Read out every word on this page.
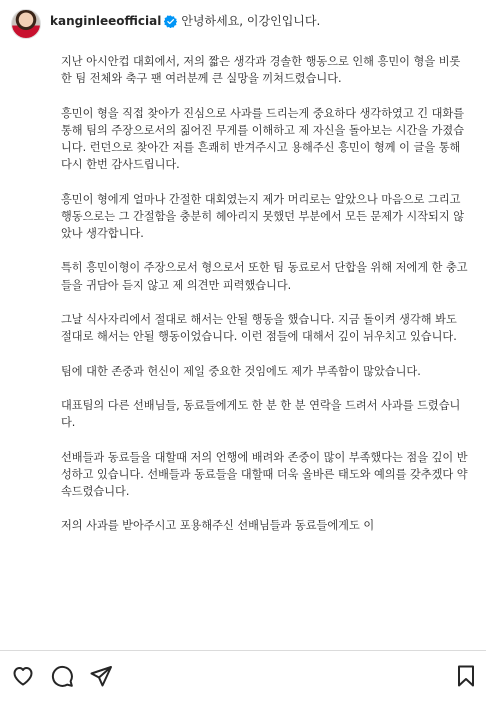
kanginleeofficial 안녕하세요, 이강인입니다.

지난 아시안컵 대회에서, 저의 짧은 생각과 경솔한 행동으로 인해 흥민이 형을 비롯한 팀 전체와 축구 팬 여러분께 큰 실망을 끼쳐드렸습니다.

흥민이 형을 직접 찾아가 진심으로 사과를 드리는게 중요하다 생각하였고 긴 대화를 통해 팀의 주장으로서의 짊어진 무게를 이해하고 제 자신을 돌아보는 시간을 가졌습니다. 런던으로 찾아간 저를 흔쾌히 반겨주시고 용해주신 흥민이 형께 이 글을 통해 다시 한번 감사드립니다.

흥민이 형에게 얼마나 간절한 대회였는지 제가 머리로는 알았으나 마음으로 그리고 행동으로는 그 간절함을 충분히 헤아리지 못했던 부분에서 모든 문제가 시작되지 않았나 생각합니다.

특히 흥민이형이 주장으로서 형으로서 또한 팀 동료로서 단합을 위해 저에게 한 충고들을 귀담아 듣지 않고 제 의견만 피력했습니다.

그날 식사자리에서 절대로 해서는 안될 행동을 했습니다. 지금 돌이켜 생각해 봐도 절대로 해서는 안될 행동이었습니다. 이런 점들에 대해서 깊이 뉘우치고 있습니다.

팀에 대한 존중과 헌신이 제일 중요한 것임에도 제가 부족함이 많았습니다.

대표팀의 다른 선배님들, 동료들에게도 한 분 한 분 연락을 드려서 사과를 드렸습니다.

선배들과 동료들을 대할때 저의 언행에 배려와 존중이 많이 부족했다는 점을 깊이 반성하고 있습니다. 선배들과 동료들을 대할때 더욱 올바른 태도와 예의를 갖추겠다 약속드렸습니다.

저의 사과를 받아주시고 포용해주신 선배님들과 동료들에게도 이
